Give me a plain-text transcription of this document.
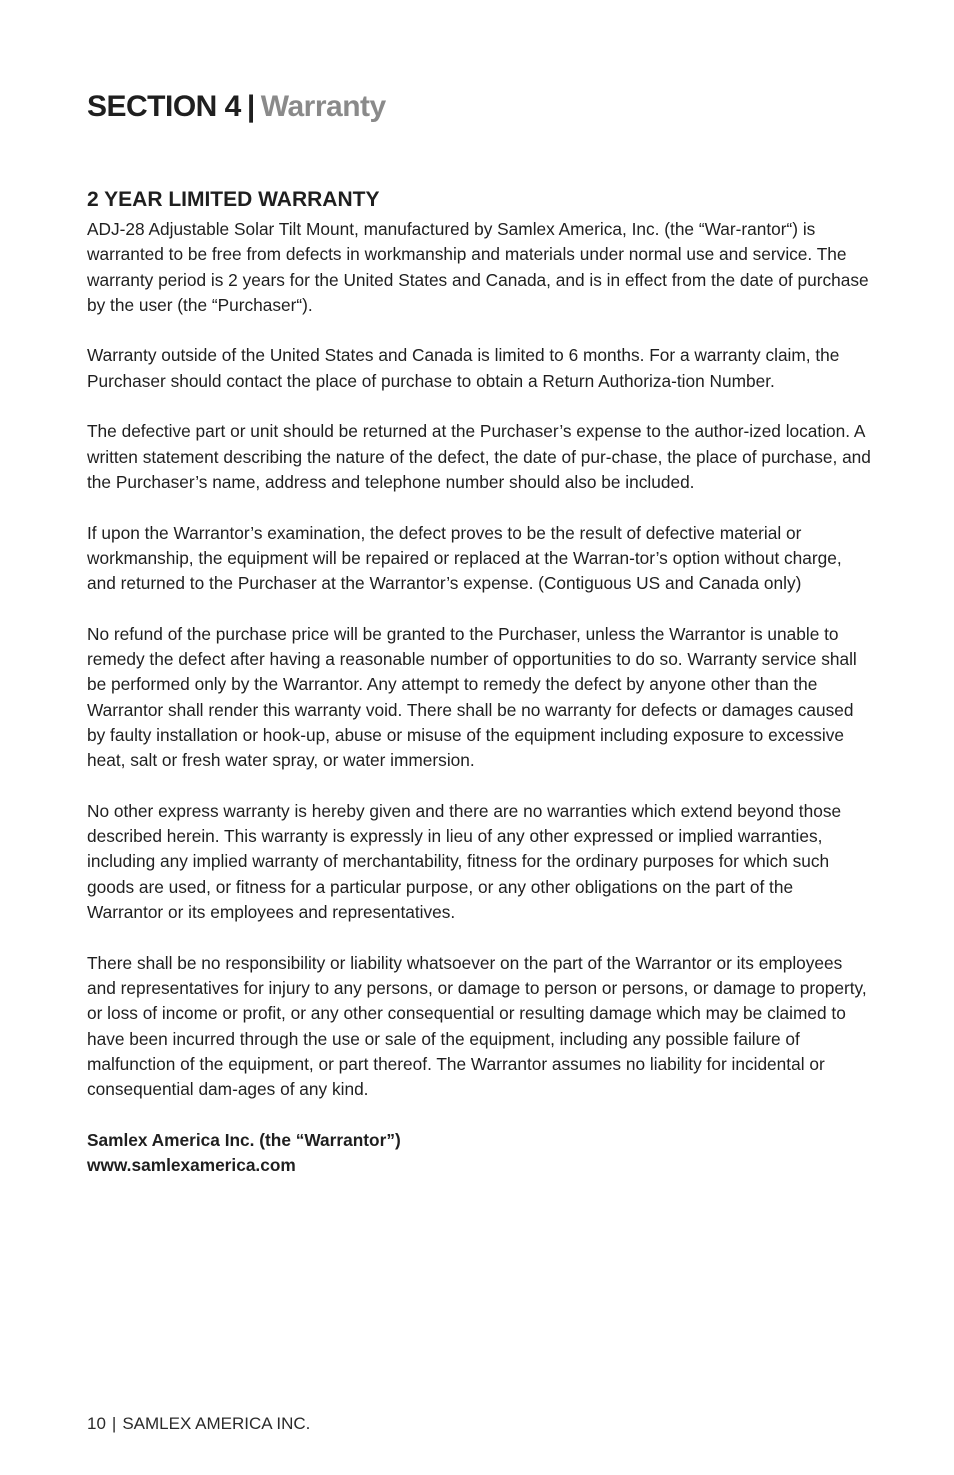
SECTION 4 | Warranty
2 YEAR LIMITED WARRANTY

ADJ-28 Adjustable Solar Tilt Mount, manufactured by Samlex America, Inc. (the “War-rantor“) is warranted to be free from defects in workmanship and materials under normal use and service. The warranty period is 2 years for the United States and Canada, and is in effect from the date of purchase by the user (the “Purchaser“).

Warranty outside of the United States and Canada is limited to 6 months. For a warranty claim, the Purchaser should contact the place of purchase to obtain a Return Authoriza-tion Number.

The defective part or unit should be returned at the Purchaser’s expense to the author-ized location. A written statement describing the nature of the defect, the date of pur-chase, the place of purchase, and the Purchaser’s name, address and telephone number should also be included.

If upon the Warrantor’s examination, the defect proves to be the result of defective material or workmanship, the equipment will be repaired or replaced at the Warran-tor’s option without charge, and returned to the Purchaser at the Warrantor’s expense. (Contiguous US and Canada only)

No refund of the purchase price will be granted to the Purchaser, unless the Warrantor is unable to remedy the defect after having a reasonable number of opportunities to do so. Warranty service shall be performed only by the Warrantor. Any attempt to remedy the defect by anyone other than the Warrantor shall render this warranty void. There shall be no warranty for defects or damages caused by faulty installation or hook-up, abuse or misuse of the equipment including exposure to excessive heat, salt or fresh water spray, or water immersion.

No other express warranty is hereby given and there are no warranties which extend beyond those described herein. This warranty is expressly in lieu of any other expressed or implied warranties, including any implied warranty of merchantability, fitness for the ordinary purposes for which such goods are used, or fitness for a particular purpose, or any other obligations on the part of the Warrantor or its employees and representatives.

There shall be no responsibility or liability whatsoever on the part of the Warrantor or its employees and representatives for injury to any persons, or damage to person or persons, or damage to property, or loss of income or profit, or any other consequential or resulting damage which may be claimed to have been incurred through the use or sale of the equipment, including any possible failure of malfunction of the equipment, or part thereof. The Warrantor assumes no liability for incidental or consequential dam-ages of any kind.

Samlex America Inc. (the “Warrantor”)

www.samlexamerica.com

10 | SAMLEX AMERICA INC.
